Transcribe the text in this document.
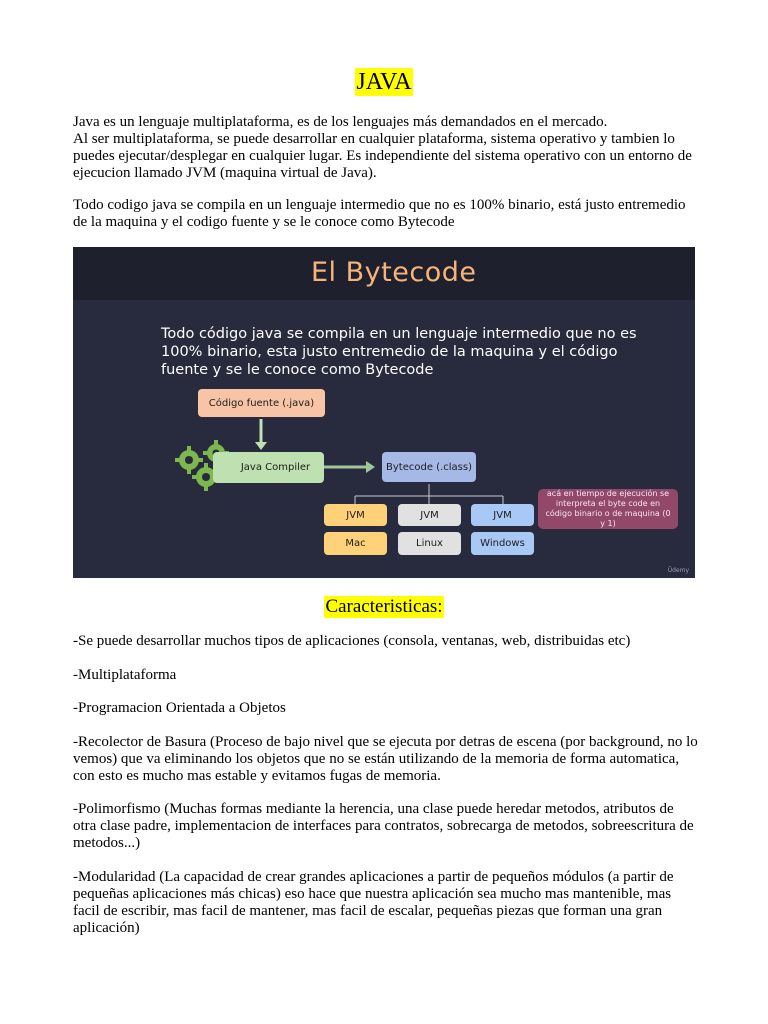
JAVA

Java es un lenguaje multiplataforma, es de los lenguajes más demandados en el mercado.

Al ser multiplataforma, se puede desarrollar en cualquier plataforma, sistema operativo y tambien lo puedes ejecutar/desplegar en cualquier lugar. Es independiente del sistema operativo con un entorno de ejecucion llamado JVM (maquina virtual de Java).

Todo codigo java se compila en un lenguaje intermedio que no es 100% binario, está justo entremedio de la maquina y el codigo fuente y se le conoce como Bytecode

El Bytecode
Todo código java se compila en un lenguaje intermedio que no es 100% binario, esta justo entremedio de la maquina y el código fuente y se le conoce como Bytecode
Código fuente (.java)
Java Compiler	Bytecode (.class)
JVM	JVM	JVM
Mac	Linux	Windows
acá en tiempo de ejecución se interpreta el byte code en código binario o de maquina (0 y 1)
Ûdemy
Caracteristicas:

-Se puede desarrollar muchos tipos de aplicaciones (consola, ventanas, web, distribuidas etc)

-Multiplataforma

-Programacion Orientada a Objetos

-Recolector de Basura (Proceso de bajo nivel que se ejecuta por detras de escena (por background, no lo vemos) que va eliminando los objetos que no se están utilizando de la memoria de forma automatica, con esto es mucho mas estable y evitamos fugas de memoria.

-Polimorfismo (Muchas formas mediante la herencia, una clase puede heredar metodos, atributos de otra clase padre, implementacion de interfaces para contratos, sobrecarga de metodos, sobreescritura de metodos...)

-Modularidad (La capacidad de crear grandes aplicaciones a partir de pequeños módulos (a partir de pequeñas aplicaciones más chicas) eso hace que nuestra aplicación sea mucho mas mantenible, mas facil de escribir, mas facil de mantener, mas facil de escalar, pequeñas piezas que forman una gran aplicación)
